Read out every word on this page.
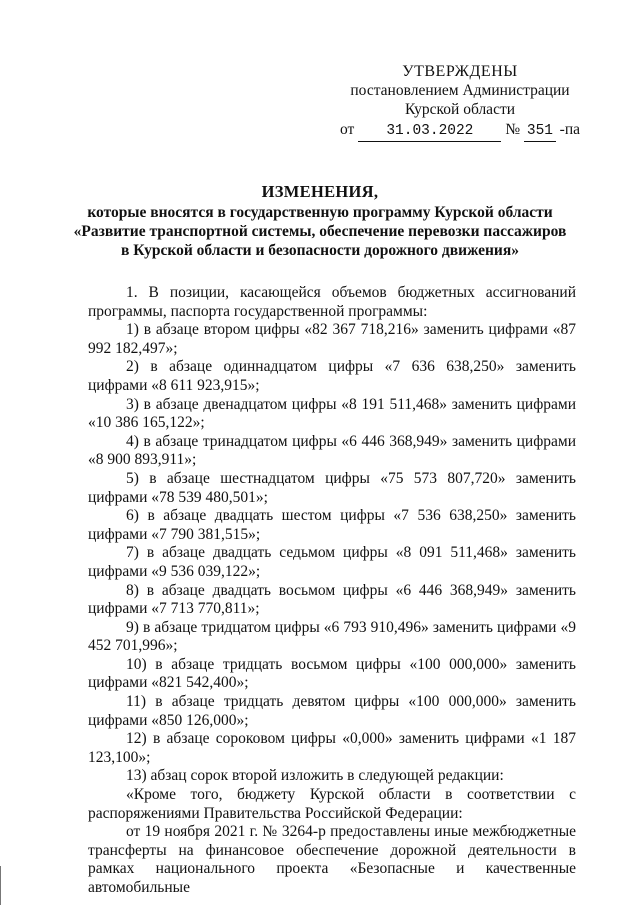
УТВЕРЖДЕНЫ
постановлением Администрации
Курской области
от	31.03.2022	№ 351 -па
ИЗМЕНЕНИЯ,
которые вносятся в государственную программу Курской области
«Развитие транспортной системы, обеспечение перевозки пассажиров
в Курской области и безопасности дорожного движения»

1. В позиции, касающейся объемов бюджетных ассигнований программы, паспорта государственной программы:

1) в абзаце втором цифры «82 367 718,216» заменить цифрами «87 992 182,497»;

2) в абзаце одиннадцатом цифры «7 636 638,250» заменить цифрами «8 611 923,915»;

3) в абзаце двенадцатом цифры «8 191 511,468» заменить цифрами «10 386 165,122»;

4) в абзаце тринадцатом цифры «6 446 368,949» заменить цифрами «8 900 893,911»;

5) в абзаце шестнадцатом цифры «75 573 807,720» заменить цифрами «78 539 480,501»;

6) в абзаце двадцать шестом цифры «7 536 638,250» заменить цифрами «7 790 381,515»;

7) в абзаце двадцать седьмом цифры «8 091 511,468» заменить цифрами «9 536 039,122»;

8) в абзаце двадцать восьмом цифры «6 446 368,949» заменить цифрами «7 713 770,811»;

9) в абзаце тридцатом цифры «6 793 910,496» заменить цифрами «9 452 701,996»;

10) в абзаце тридцать восьмом цифры «100 000,000» заменить цифрами «821 542,400»;

11) в абзаце тридцать девятом цифры «100 000,000» заменить цифрами «850 126,000»;

12) в абзаце сороковом цифры «0,000» заменить цифрами «1 187 123,100»;

13) абзац сорок второй изложить в следующей редакции:

«Кроме того, бюджету Курской области в соответствии с распоряжениями Правительства Российской Федерации:

от 19 ноября 2021 г. № 3264-р предоставлены иные межбюджетные трансферты на финансовое обеспечение дорожной деятельности в рамках национального проекта «Безопасные и качественные автомобильные
